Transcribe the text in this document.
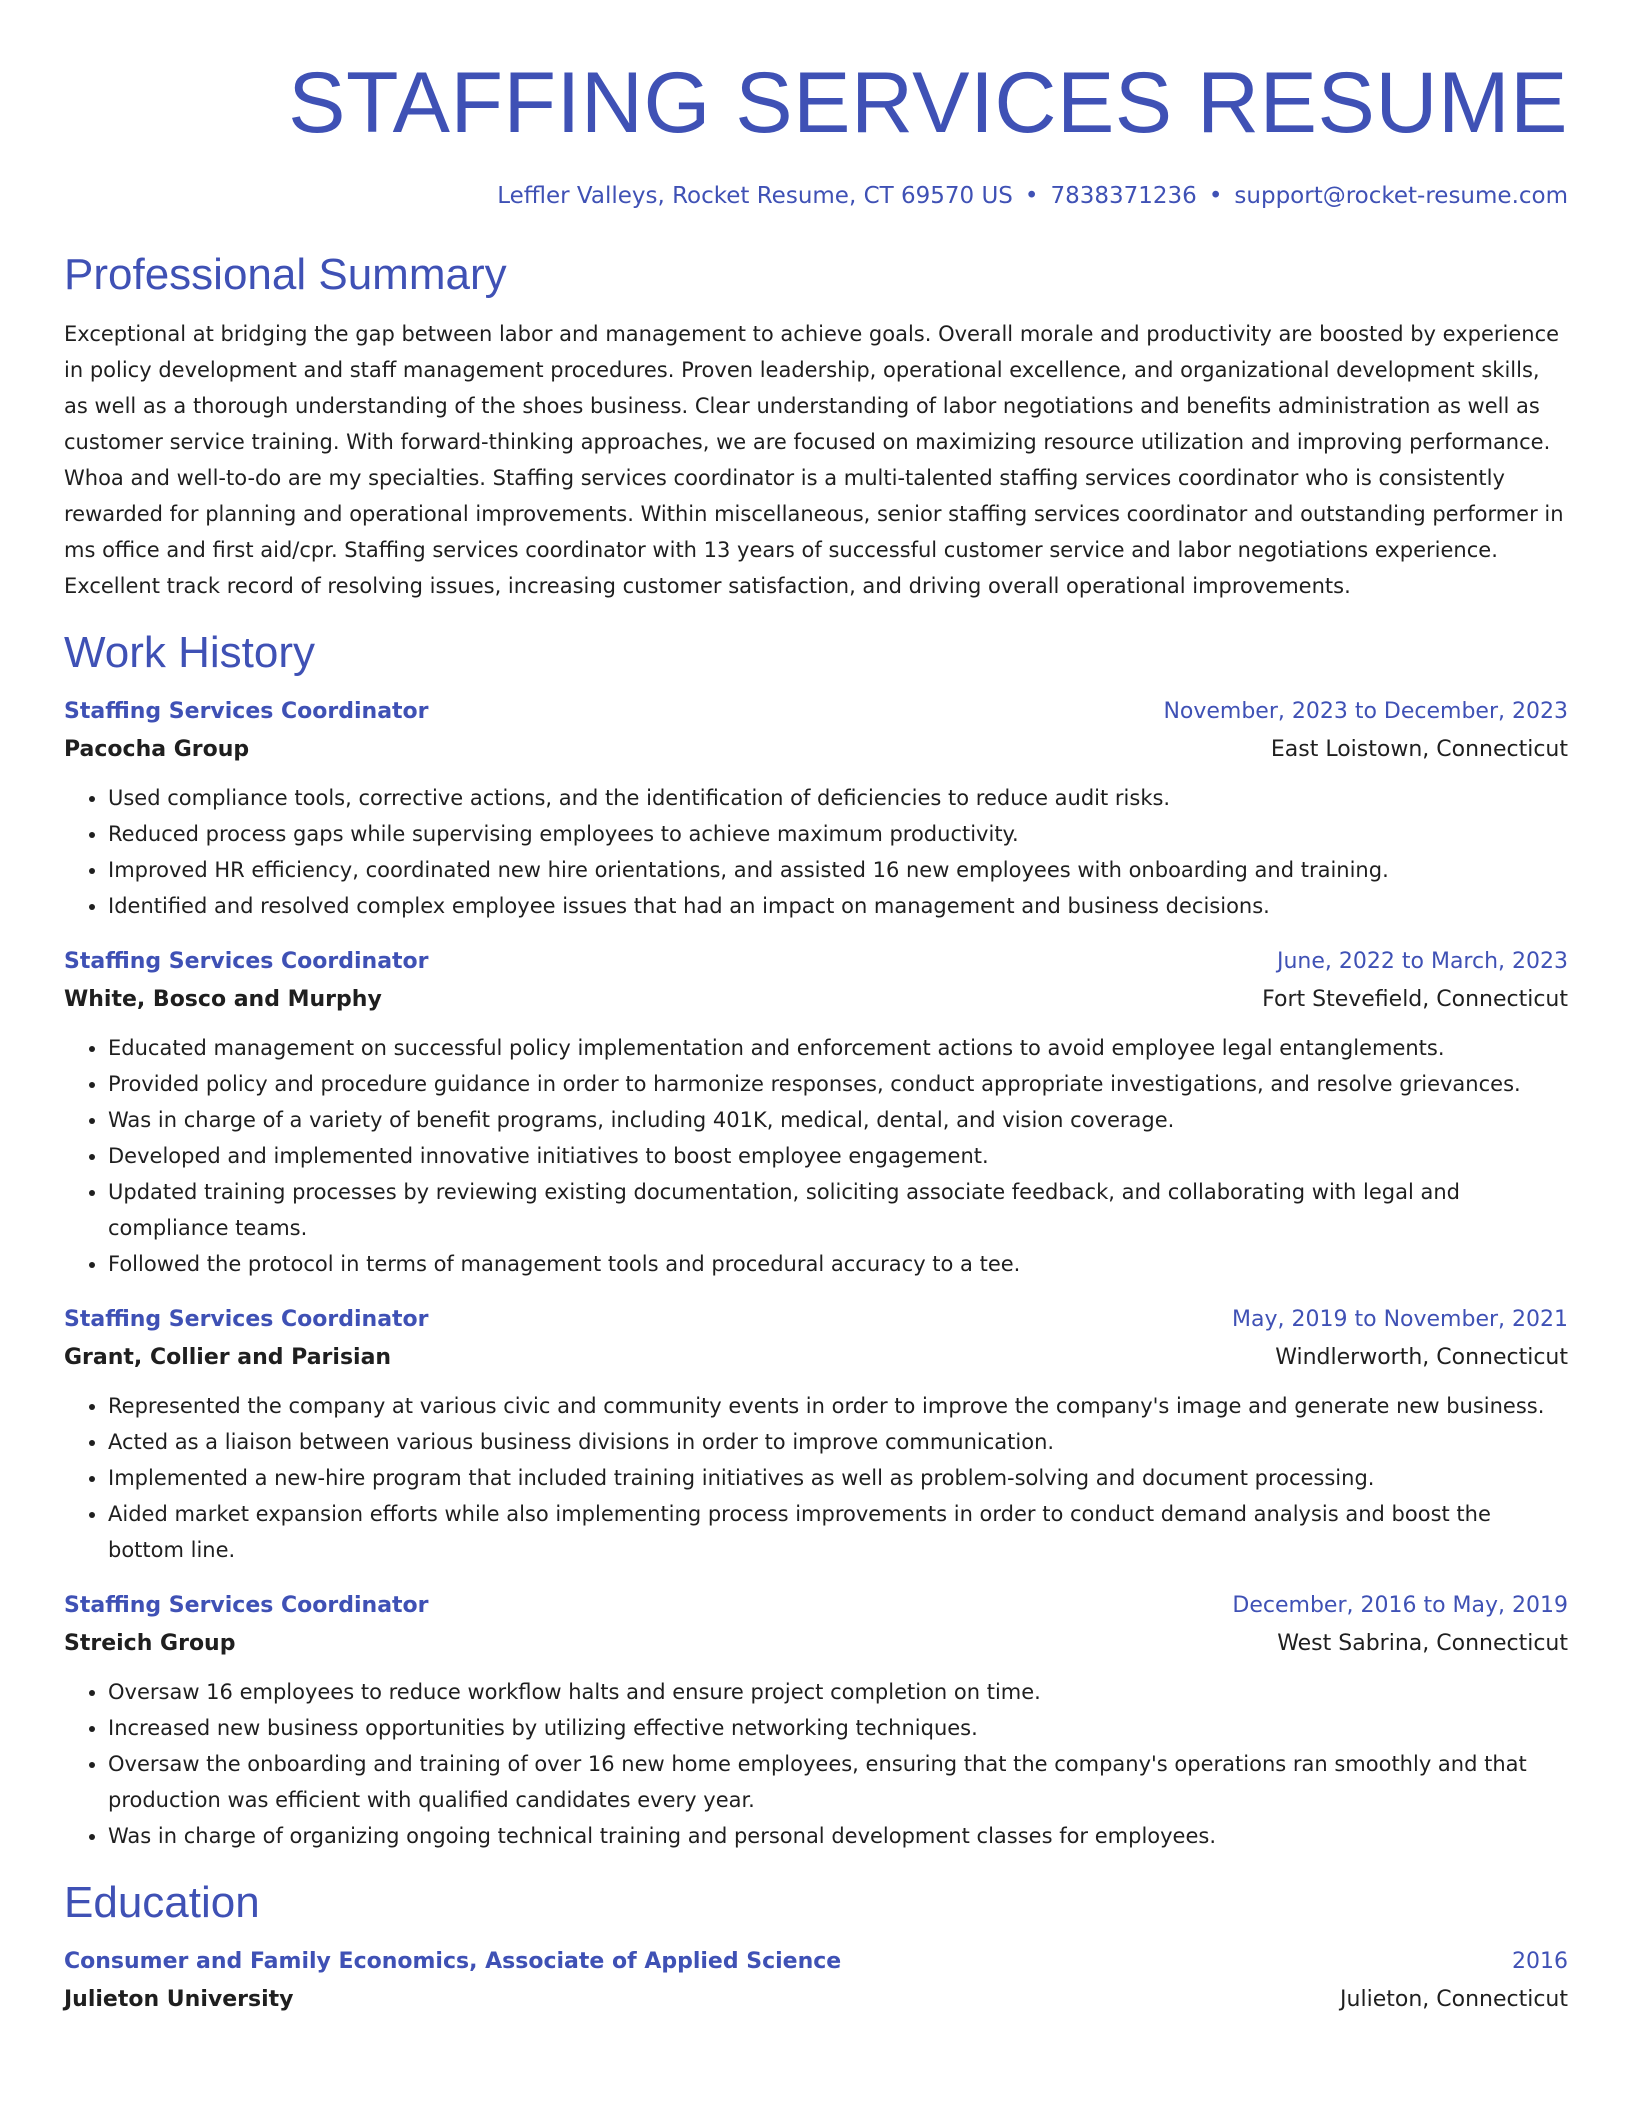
STAFFING SERVICES RESUME
Leffler Valleys, Rocket Resume, CT 69570 US • 7838371236 • support@rocket-resume.com
Professional Summary
Exceptional at bridging the gap between labor and management to achieve goals. Overall morale and productivity are boosted by experience in policy development and staff management procedures. Proven leadership, operational excellence, and organizational development skills, as well as a thorough understanding of the shoes business. Clear understanding of labor negotiations and benefits administration as well as customer service training. With forward-thinking approaches, we are focused on maximizing resource utilization and improving performance. Whoa and well-to-do are my specialties. Staffing services coordinator is a multi-talented staffing services coordinator who is consistently rewarded for planning and operational improvements. Within miscellaneous, senior staffing services coordinator and outstanding performer in ms office and first aid/cpr. Staffing services coordinator with 13 years of successful customer service and labor negotiations experience. Excellent track record of resolving issues, increasing customer satisfaction, and driving overall operational improvements.
Work History
Staffing Services Coordinator	November, 2023 to December, 2023
Pacocha Group	East Loistown, Connecticut
• Used compliance tools, corrective actions, and the identification of deficiencies to reduce audit risks.
• Reduced process gaps while supervising employees to achieve maximum productivity.
• Improved HR efficiency, coordinated new hire orientations, and assisted 16 new employees with onboarding and training.
• Identified and resolved complex employee issues that had an impact on management and business decisions.
Staffing Services Coordinator	June, 2022 to March, 2023
White, Bosco and Murphy	Fort Stevefield, Connecticut
• Educated management on successful policy implementation and enforcement actions to avoid employee legal entanglements.
• Provided policy and procedure guidance in order to harmonize responses, conduct appropriate investigations, and resolve grievances.
• Was in charge of a variety of benefit programs, including 401K, medical, dental, and vision coverage.
• Developed and implemented innovative initiatives to boost employee engagement.
• Updated training processes by reviewing existing documentation, soliciting associate feedback, and collaborating with legal and compliance teams.
• Followed the protocol in terms of management tools and procedural accuracy to a tee.
Staffing Services Coordinator	May, 2019 to November, 2021
Grant, Collier and Parisian	Windlerworth, Connecticut
• Represented the company at various civic and community events in order to improve the company's image and generate new business.
• Acted as a liaison between various business divisions in order to improve communication.
• Implemented a new-hire program that included training initiatives as well as problem-solving and document processing.
• Aided market expansion efforts while also implementing process improvements in order to conduct demand analysis and boost the bottom line.
Staffing Services Coordinator	December, 2016 to May, 2019
Streich Group	West Sabrina, Connecticut
• Oversaw 16 employees to reduce workflow halts and ensure project completion on time.
• Increased new business opportunities by utilizing effective networking techniques.
• Oversaw the onboarding and training of over 16 new home employees, ensuring that the company's operations ran smoothly and that production was efficient with qualified candidates every year.
• Was in charge of organizing ongoing technical training and personal development classes for employees.
Education
Consumer and Family Economics, Associate of Applied Science	2016
Julieton University	Julieton, Connecticut
